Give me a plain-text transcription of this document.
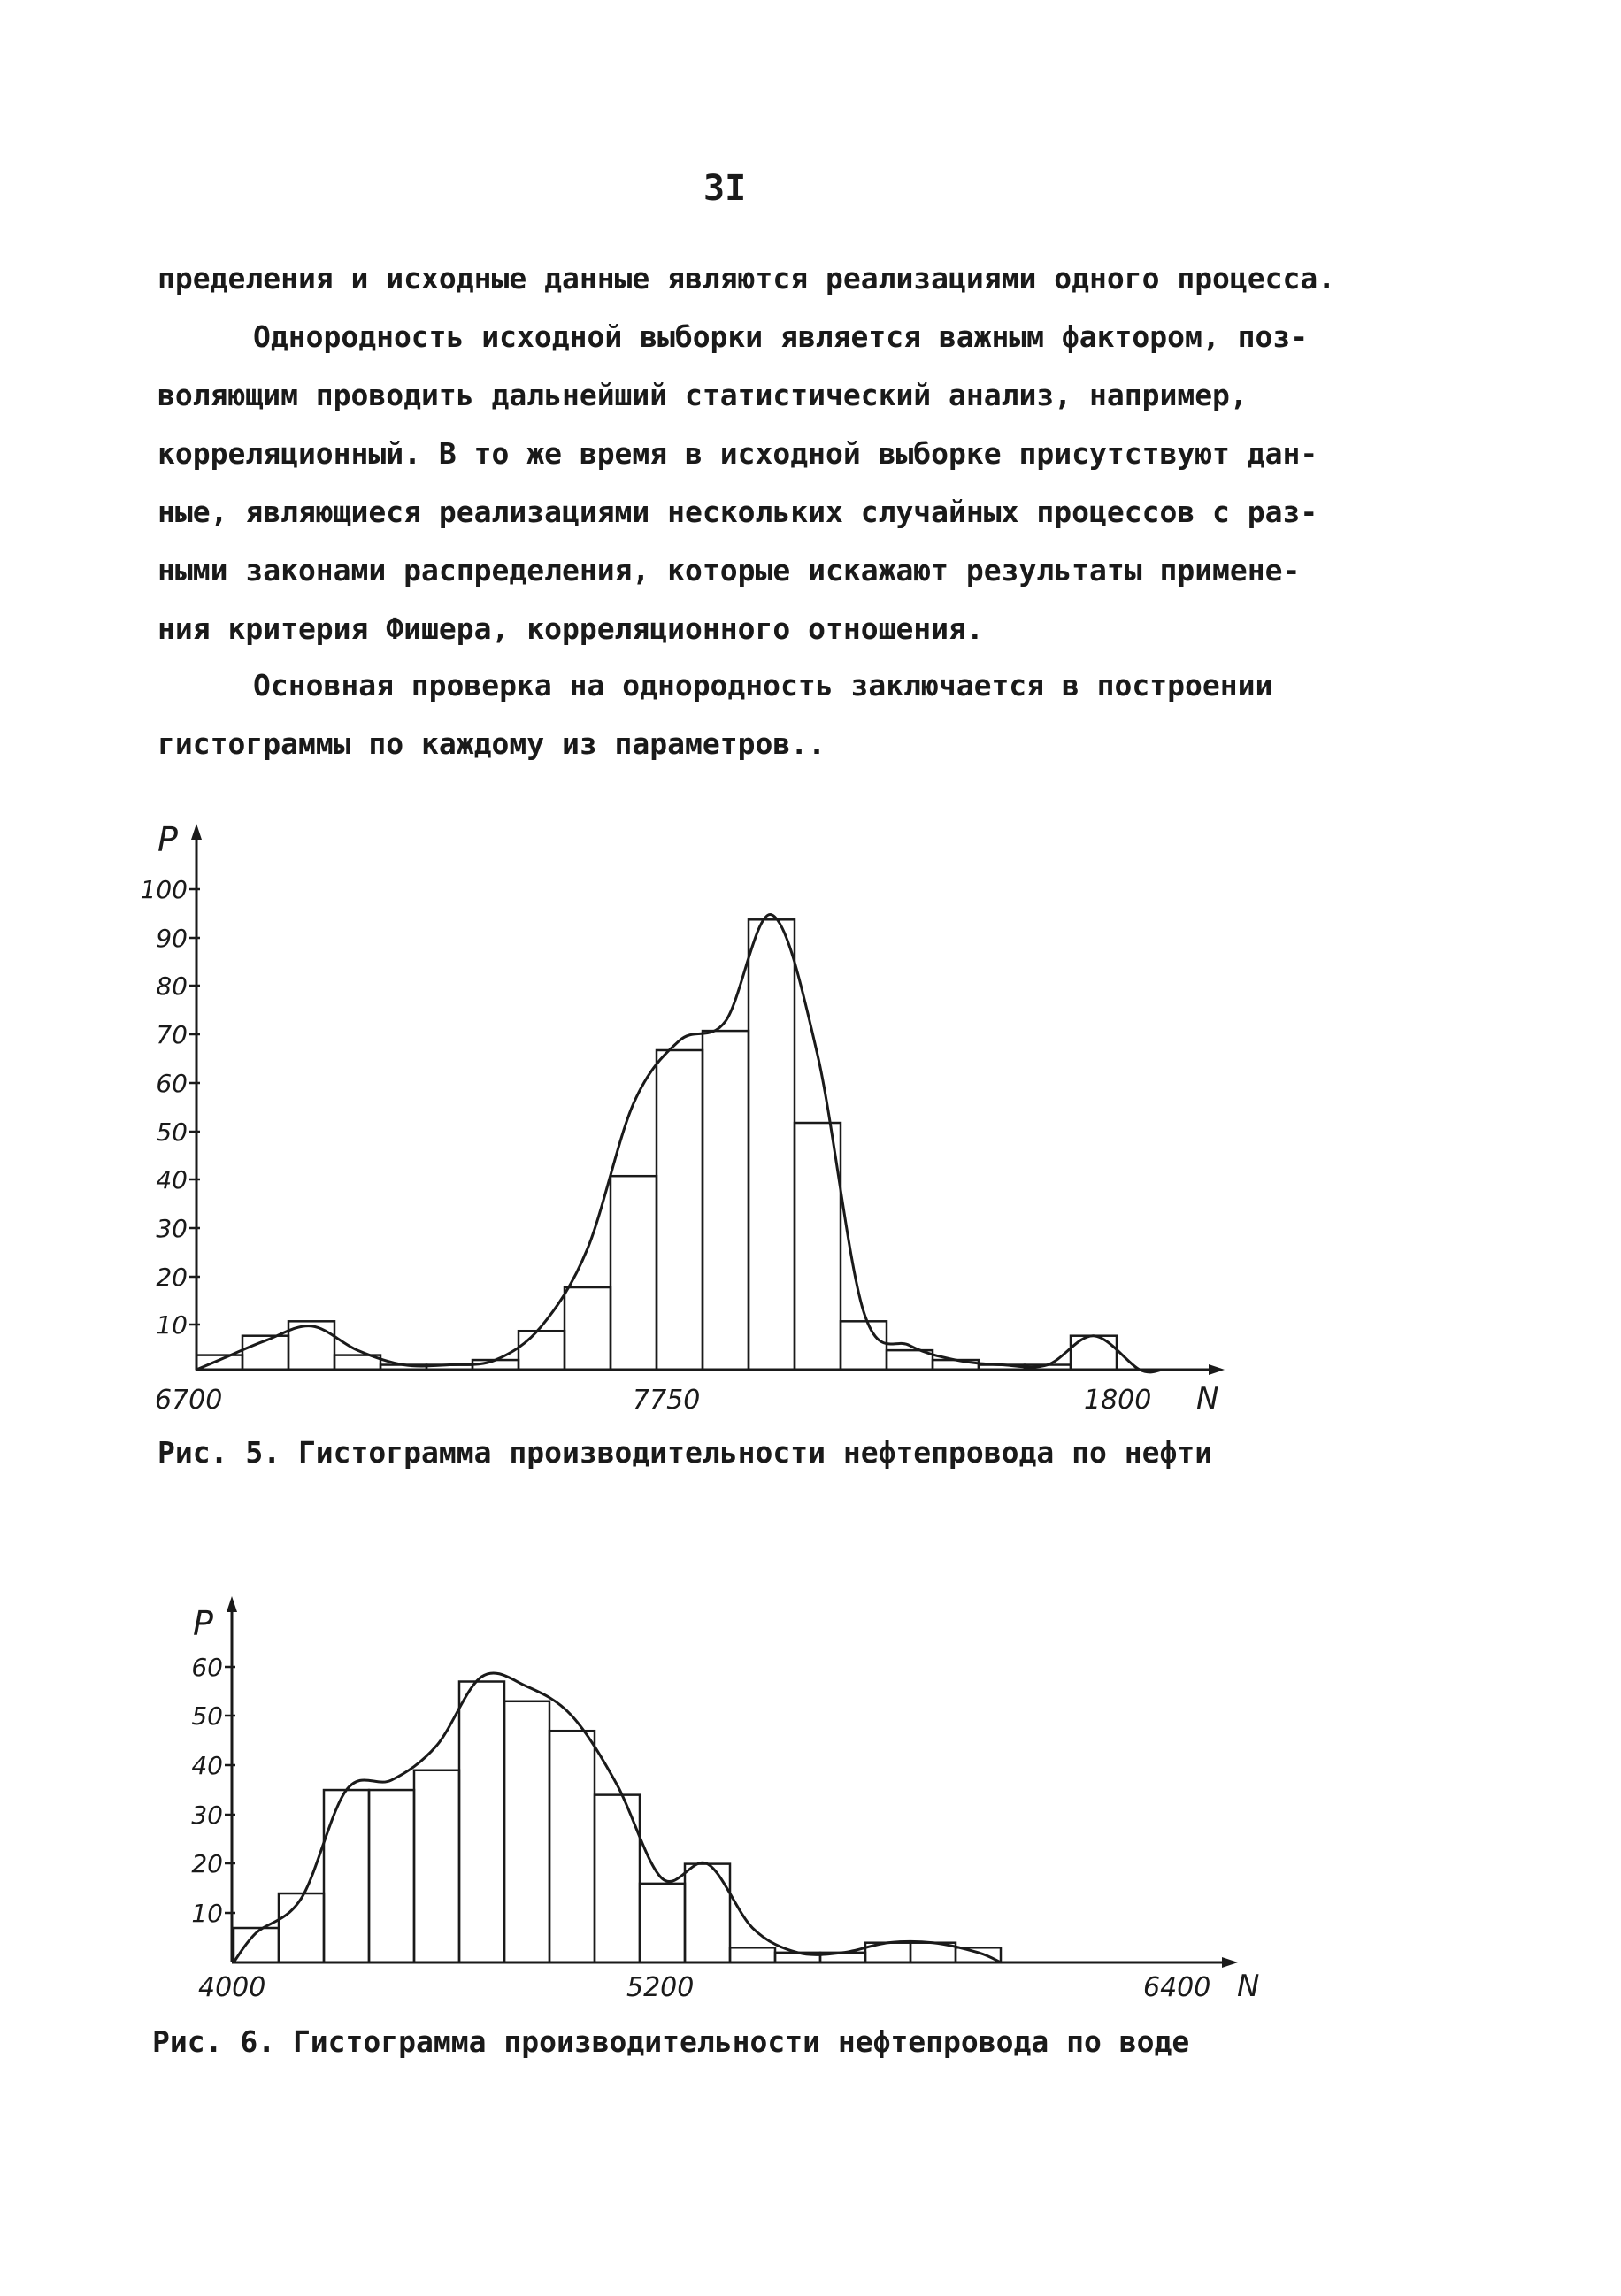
3I
пределения и исходные данные являются реализациями одного процесса.
Однородность исходной выборки является важным фактором, поз-
воляющим проводить дальнейший статистический анализ, например,
корреляционный. В то же время в исходной выборке присутствуют дан-
ные, являющиеся реализациями нескольких случайных процессов с раз-
ными законами распределения, которые искажают результаты примене-
ния критерия Фишера, корреляционного отношения.
Основная проверка на однородность заключается в построении
гистограммы по каждому из параметров..
10
20
30
40
50
60
70
80
90
100
6700	7750	1800
P
N
10
20
30
40
50
60
4000	5200	6400
P
N
Рис. 5. Гистограмма производительности нефтепровода по нефти
Рис. 6. Гистограмма производительности нефтепровода по воде
